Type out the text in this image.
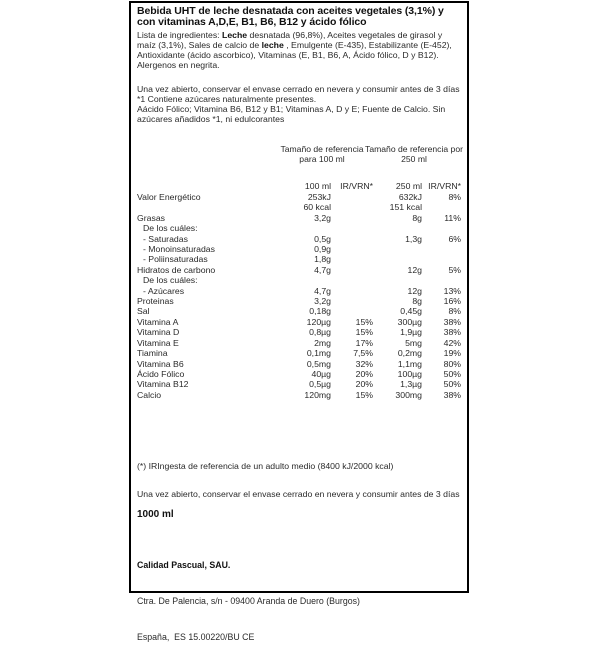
Bebida UHT de leche desnatada con aceites vegetales (3,1%) y con vitaminas A,D,E, B1, B6, B12 y ácido fólico
Lista de ingredientes: Leche desnatada (96,8%), Aceites vegetales de girasol y maíz (3,1%), Sales de calcio de leche , Emulgente (E-435), Estabilizante (E-452), Antioxidante (ácido ascorbico), Vitaminas (E, B1, B6, A, Ácido fólico, D y B12). Alergenos en negrita.
Una vez abierto, conservar el envase cerrado en nevera y consumir antes de 3 días
*1 Contiene azúcares naturalmente presentes.
Aácido Fólico; Vitamina B6, B12 y B1; Vitaminas A, D y E; Fuente de Calcio. Sin azúcares añadidos *1, ni edulcorantes
Tamaño de referencia
para 100 ml
Tamaño de referencia por
250 ml
	100 ml	IR/VRN*	250 ml	IR/VRN*
Valor Energético	253kJ		632kJ	8%
	60 kcal		151 kcal	
Grasas	3,2g		8g	11%
De los cuáles:				
- Saturadas	0,5g		1,3g	6%
- Monoinsaturadas	0,9g			
- Poliinsaturadas	1,8g			
Hidratos de carbono	4,7g		12g	5%
De los cuáles:				
- Azúcares	4,7g		12g	13%
Proteinas	3,2g		8g	16%
Sal	0,18g		0,45g	8%
Vitamina A	120µg	15%	300µg	38%
Vitamina D	0,8µg	15%	1,9µg	38%
Vitamina E	2mg	17%	5mg	42%
Tiamina	0,1mg	7,5%	0,2mg	19%
Vitamina B6	0,5mg	32%	1,1mg	80%
Ácido Fólico	40µg	20%	100µg	50%
Vitamina B12	0,5µg	20%	1,3µg	50%
Calcio	120mg	15%	300mg	38%
(*) IRIngesta de referencia de un adulto medio (8400 kJ/2000 kcal)
Una vez abierto, conservar el envase cerrado en nevera y consumir antes de 3 días
1000 ml

Calidad Pascual, SAU.

Ctra. De Palencia, s/n - 09400 Aranda de Duero (Burgos)

España,  ES 15.00220/BU CE
